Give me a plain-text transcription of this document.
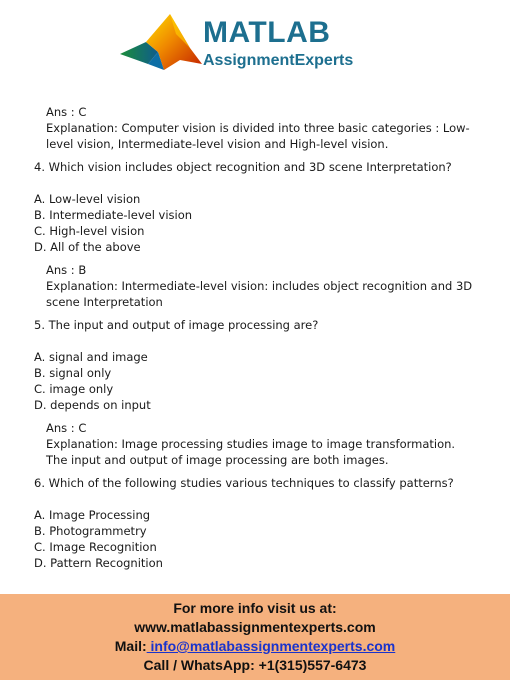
MATLAB
AssignmentExperts
Ans : C
Explanation: Computer vision is divided into three basic categories : Low-level vision, Intermediate-level vision and High-level vision.
4. Which vision includes object recognition and 3D scene Interpretation?
A. Low-level vision
B. Intermediate-level vision
C. High-level vision
D. All of the above
Ans : B
Explanation: Intermediate-level vision: includes object recognition and 3D scene Interpretation
5. The input and output of image processing are?
A. signal and image
B. signal only
C. image only
D. depends on input
Ans : C
Explanation: Image processing studies image to image transformation. The input and output of image processing are both images.
6. Which of the following studies various techniques to classify patterns?
A. Image Processing
B. Photogrammetry
C. Image Recognition
D. Pattern Recognition
For more info visit us at:
www.matlabassignmentexperts.com
Mail: info@matlabassignmentexperts.com
Call / WhatsApp: +1(315)557-6473
